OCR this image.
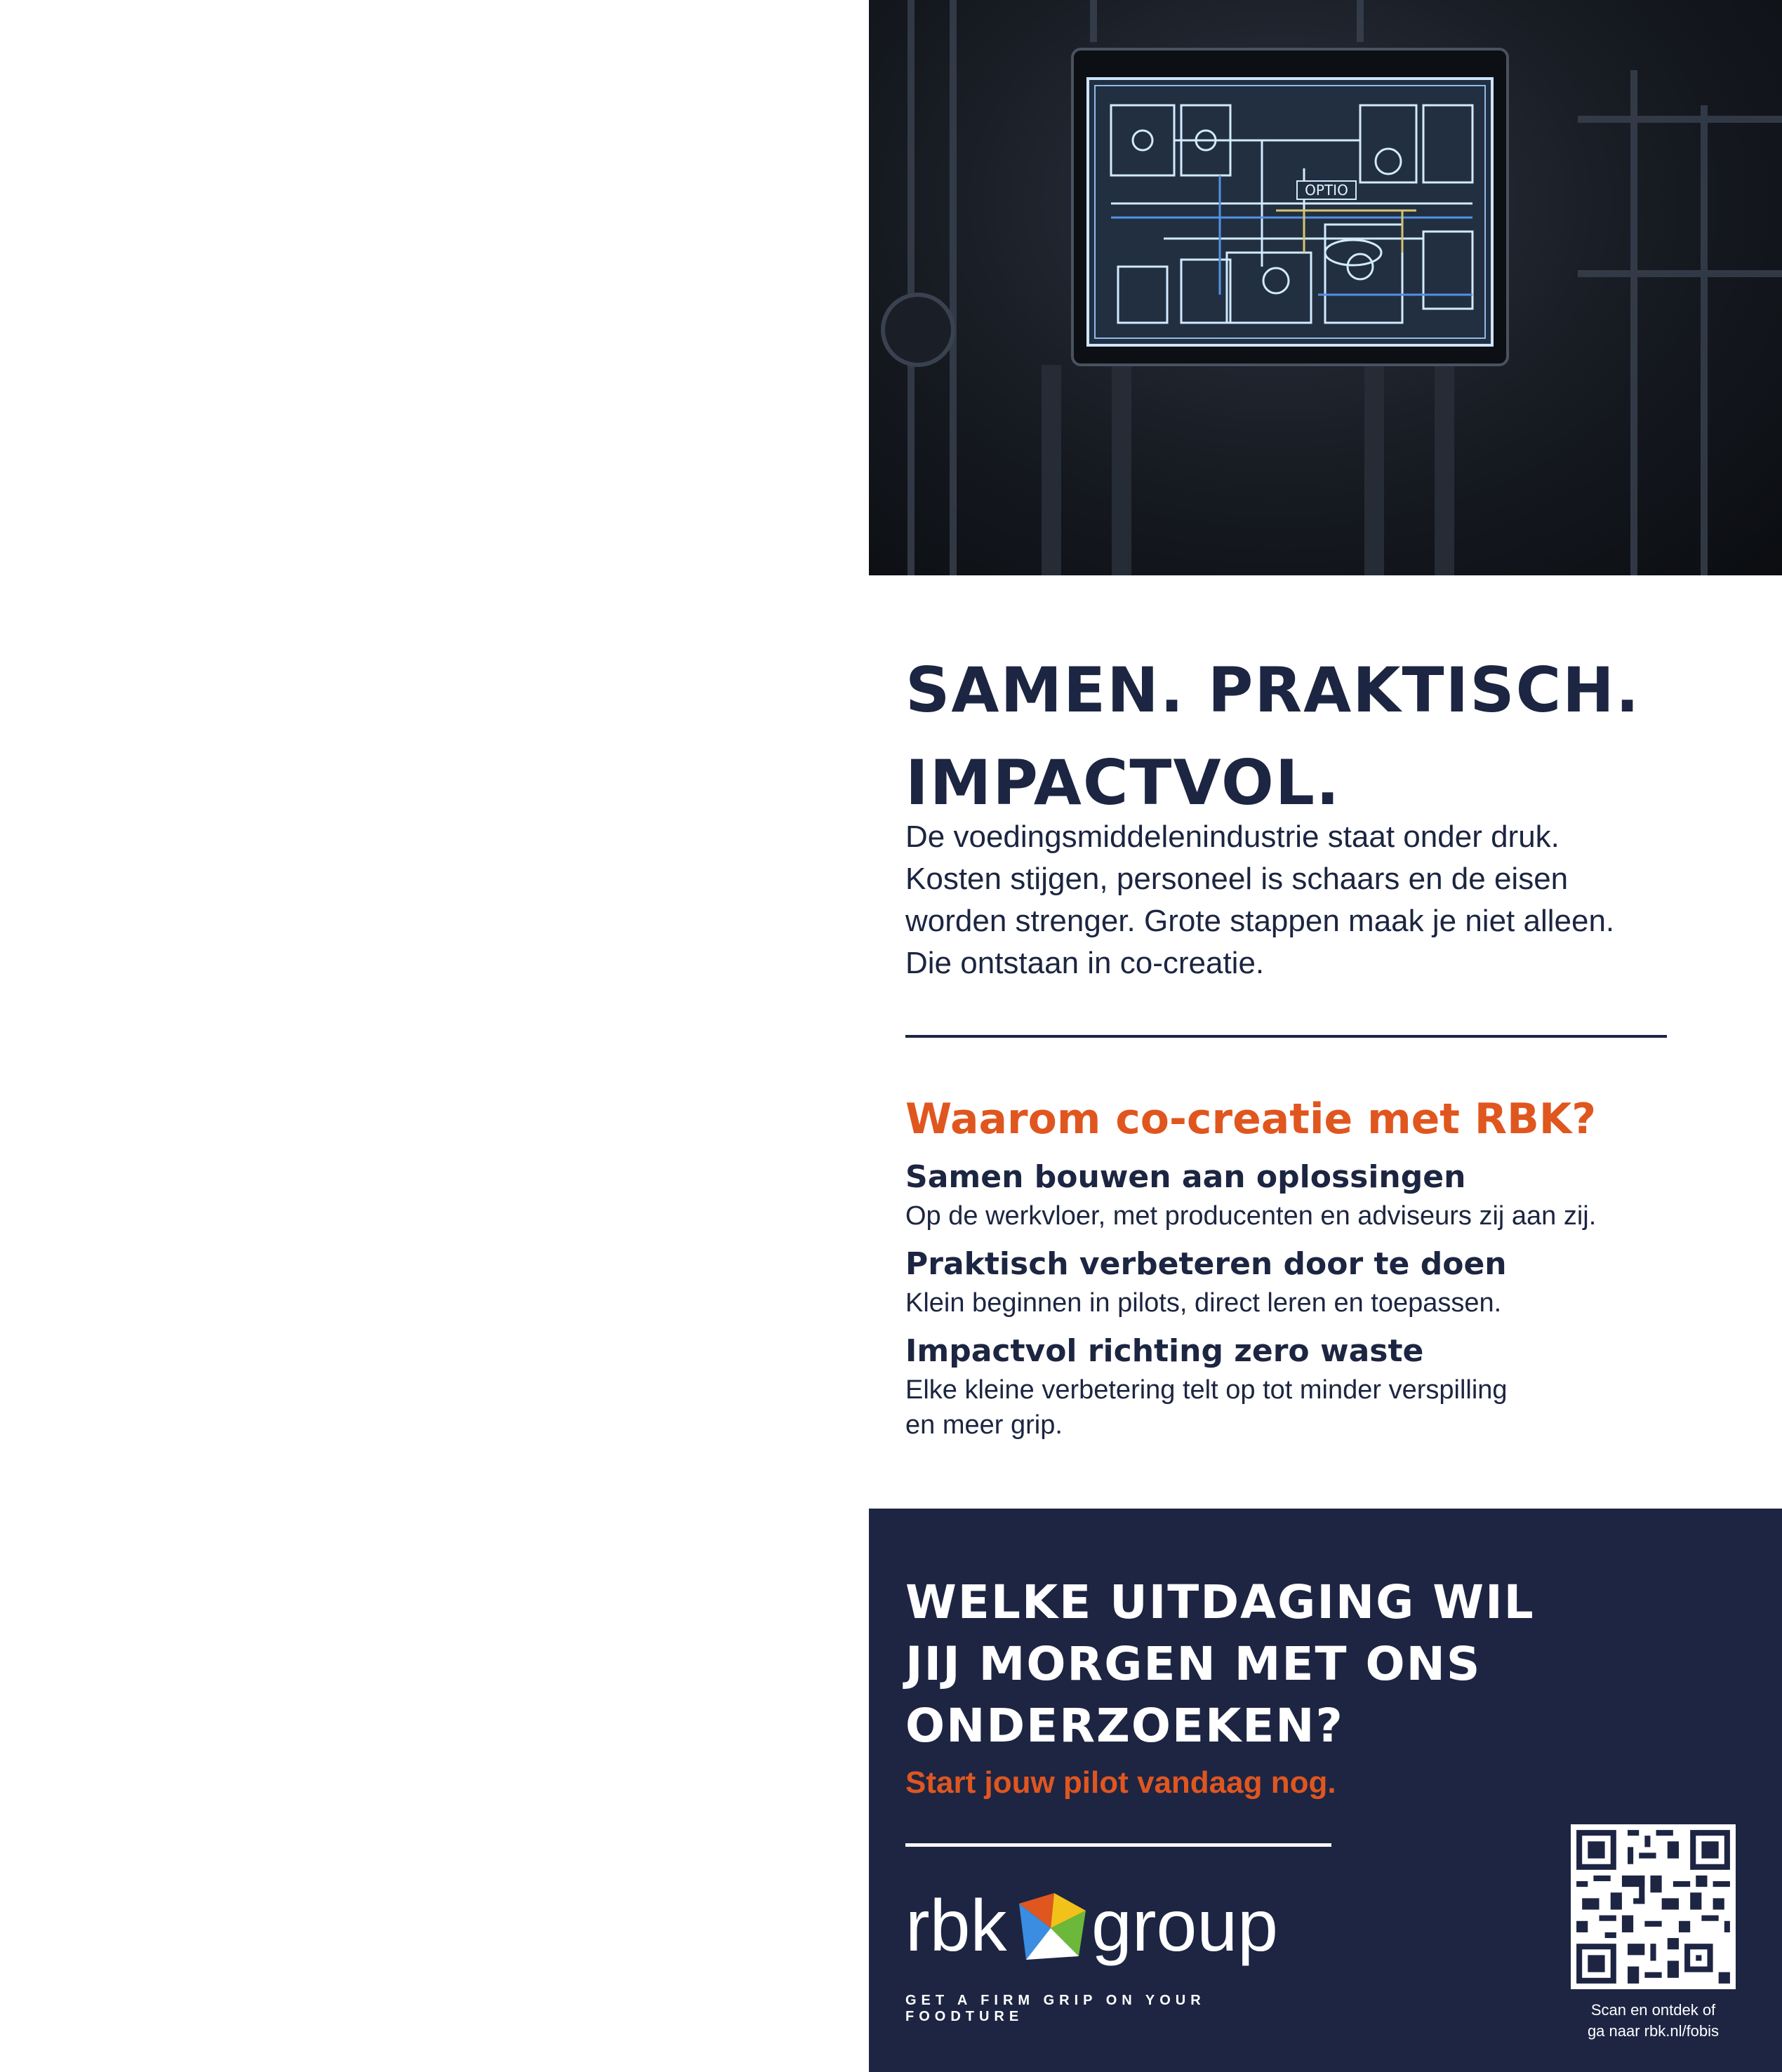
OPTIO
SAMEN. PRAKTISCH.
IMPACTVOL.
De voedingsmiddelenindustrie staat onder druk.
Kosten stijgen, personeel is schaars en de eisen
worden strenger. Grote stappen maak je niet alleen.
Die ontstaan in co-creatie.
Waarom co-creatie met RBK?
Samen bouwen aan oplossingen
Op de werkvloer, met producenten en adviseurs zij aan zij.
Praktisch verbeteren door te doen
Klein beginnen in pilots, direct leren en toepassen.
Impactvol richting zero waste
Elke kleine verbetering telt op tot minder verspilling
en meer grip.
WELKE UITDAGING WIL
JIJ MORGEN MET ONS
ONDERZOEKEN?
Start jouw pilot vandaag nog.
rbk group
GET A FIRM GRIP ON YOUR FOODTURE	Scan en ontdek of
ga naar rbk.nl/fobis
